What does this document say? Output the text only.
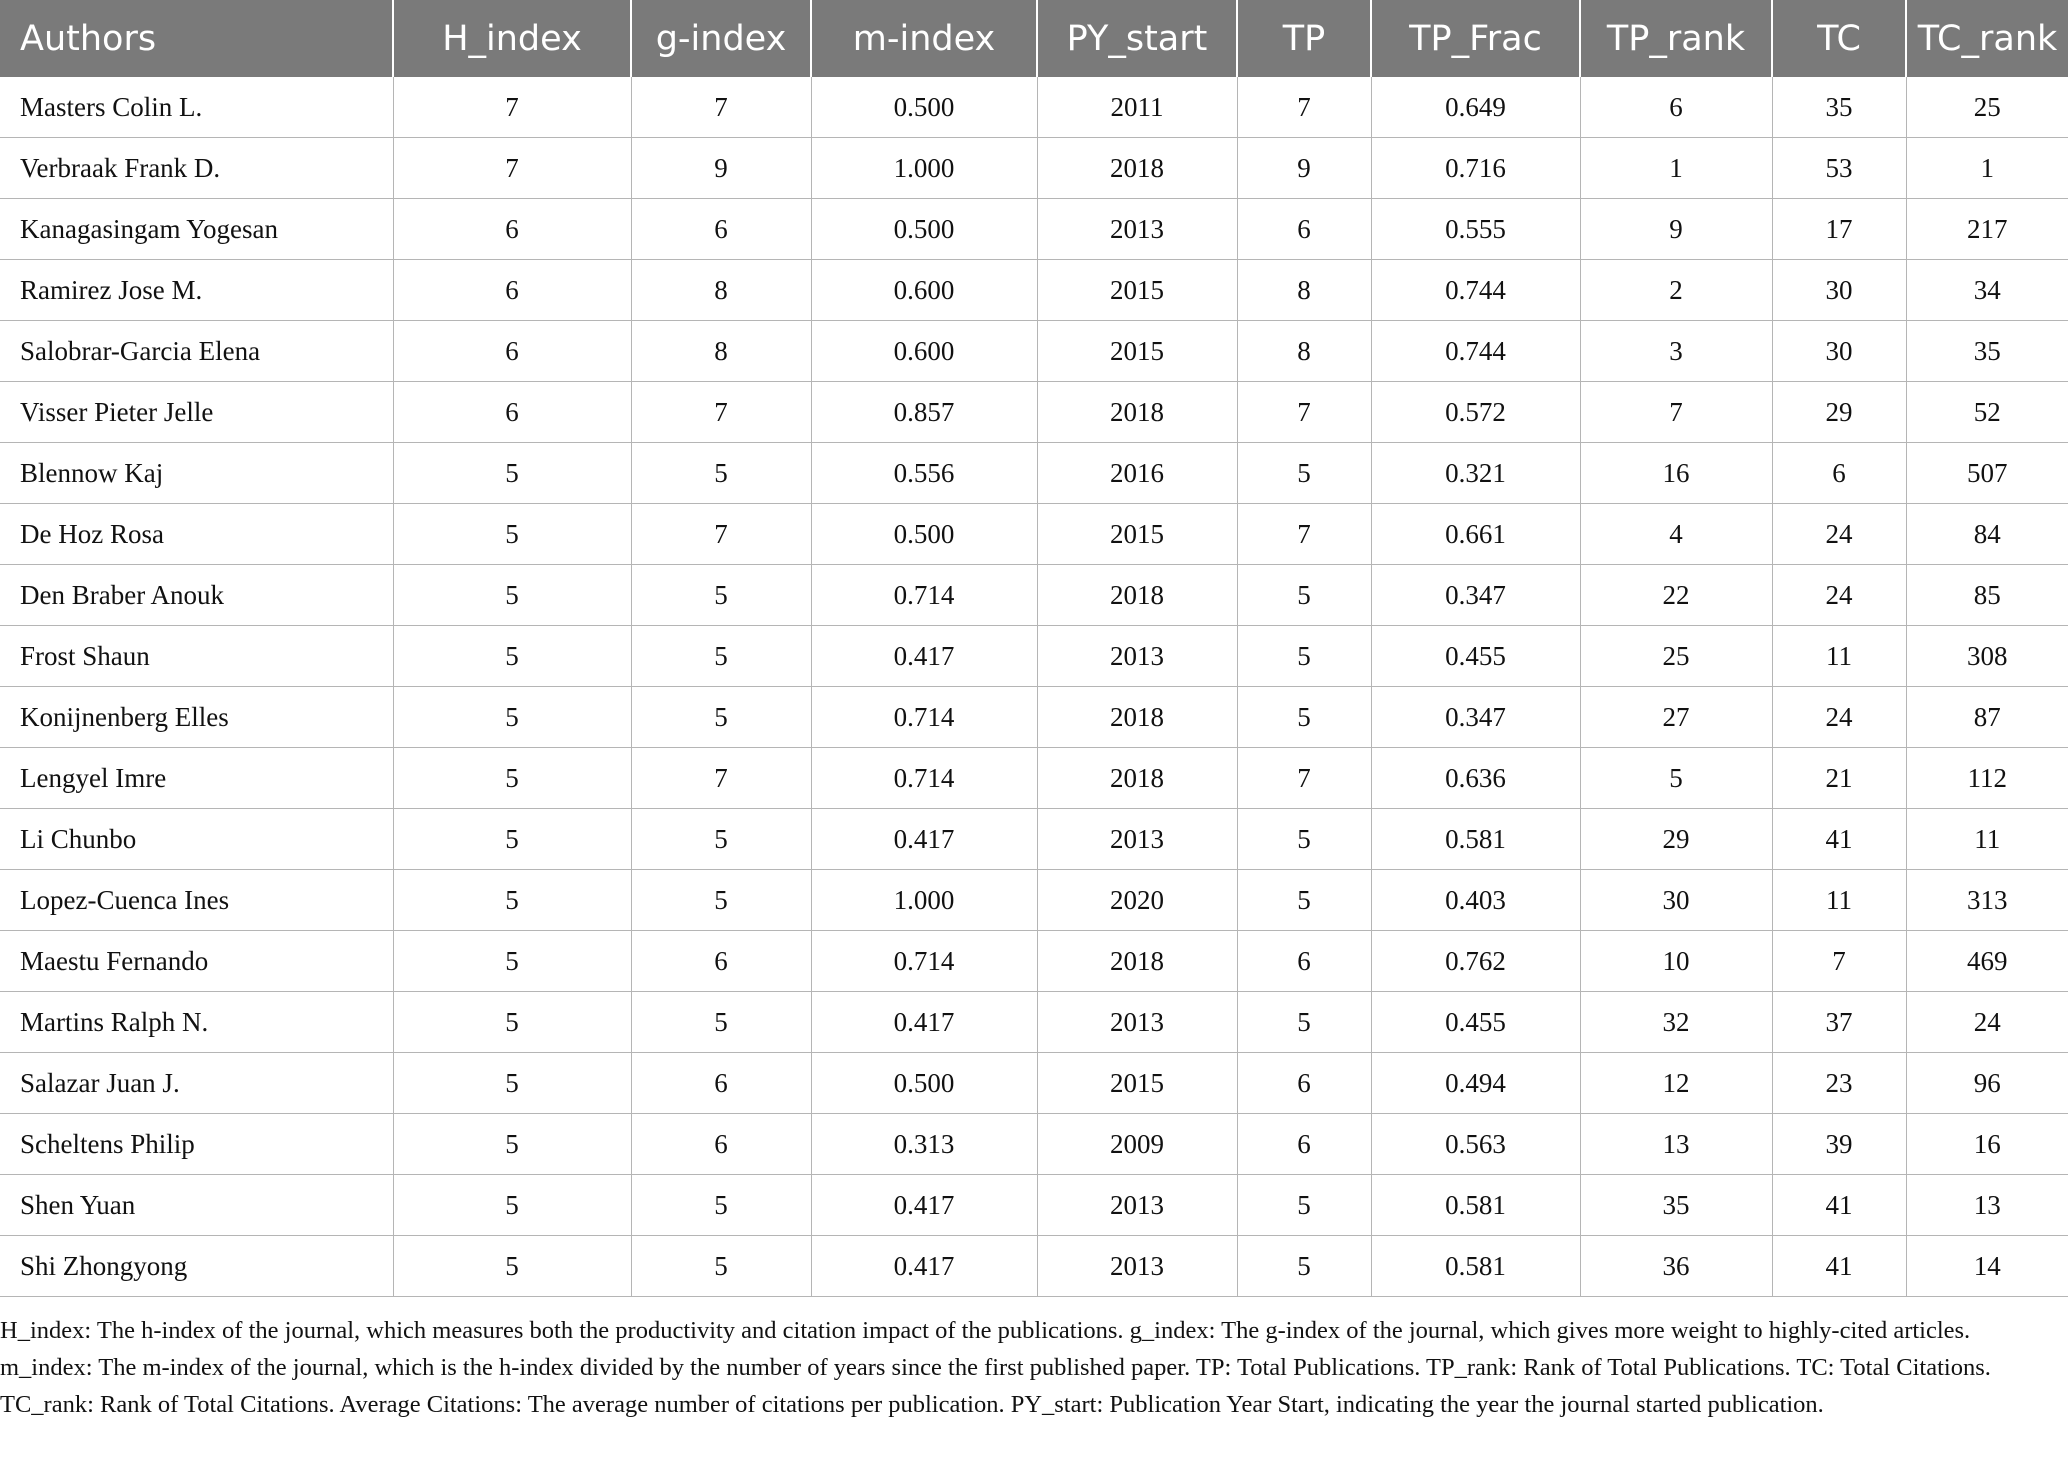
Authors	H_index	g-index	m-index	PY_start	TP	TP_Frac	TP_rank	TC	TC_rank
Masters Colin L.	7	7	0.500	2011	7	0.649	6	35	25
Verbraak Frank D.	7	9	1.000	2018	9	0.716	1	53	1
Kanagasingam Yogesan	6	6	0.500	2013	6	0.555	9	17	217
Ramirez Jose M.	6	8	0.600	2015	8	0.744	2	30	34
Salobrar-Garcia Elena	6	8	0.600	2015	8	0.744	3	30	35
Visser Pieter Jelle	6	7	0.857	2018	7	0.572	7	29	52
Blennow Kaj	5	5	0.556	2016	5	0.321	16	6	507
De Hoz Rosa	5	7	0.500	2015	7	0.661	4	24	84
Den Braber Anouk	5	5	0.714	2018	5	0.347	22	24	85
Frost Shaun	5	5	0.417	2013	5	0.455	25	11	308
Konijnenberg Elles	5	5	0.714	2018	5	0.347	27	24	87
Lengyel Imre	5	7	0.714	2018	7	0.636	5	21	112
Li Chunbo	5	5	0.417	2013	5	0.581	29	41	11
Lopez-Cuenca Ines	5	5	1.000	2020	5	0.403	30	11	313
Maestu Fernando	5	6	0.714	2018	6	0.762	10	7	469
Martins Ralph N.	5	5	0.417	2013	5	0.455	32	37	24
Salazar Juan J.	5	6	0.500	2015	6	0.494	12	23	96
Scheltens Philip	5	6	0.313	2009	6	0.563	13	39	16
Shen Yuan	5	5	0.417	2013	5	0.581	35	41	13
Shi Zhongyong	5	5	0.417	2013	5	0.581	36	41	14

H_index: The h-index of the journal, which measures both the productivity and citation impact of the publications. g_index: The g-index of the journal, which gives more weight to highly-cited articles. m_index: The m-index of the journal, which is the h-index divided by the number of years since the first published paper. TP: Total Publications. TP_rank: Rank of Total Publications. TC: Total Citations. TC_rank: Rank of Total Citations. Average Citations: The average number of citations per publication. PY_start: Publication Year Start, indicating the year the journal started publication.
